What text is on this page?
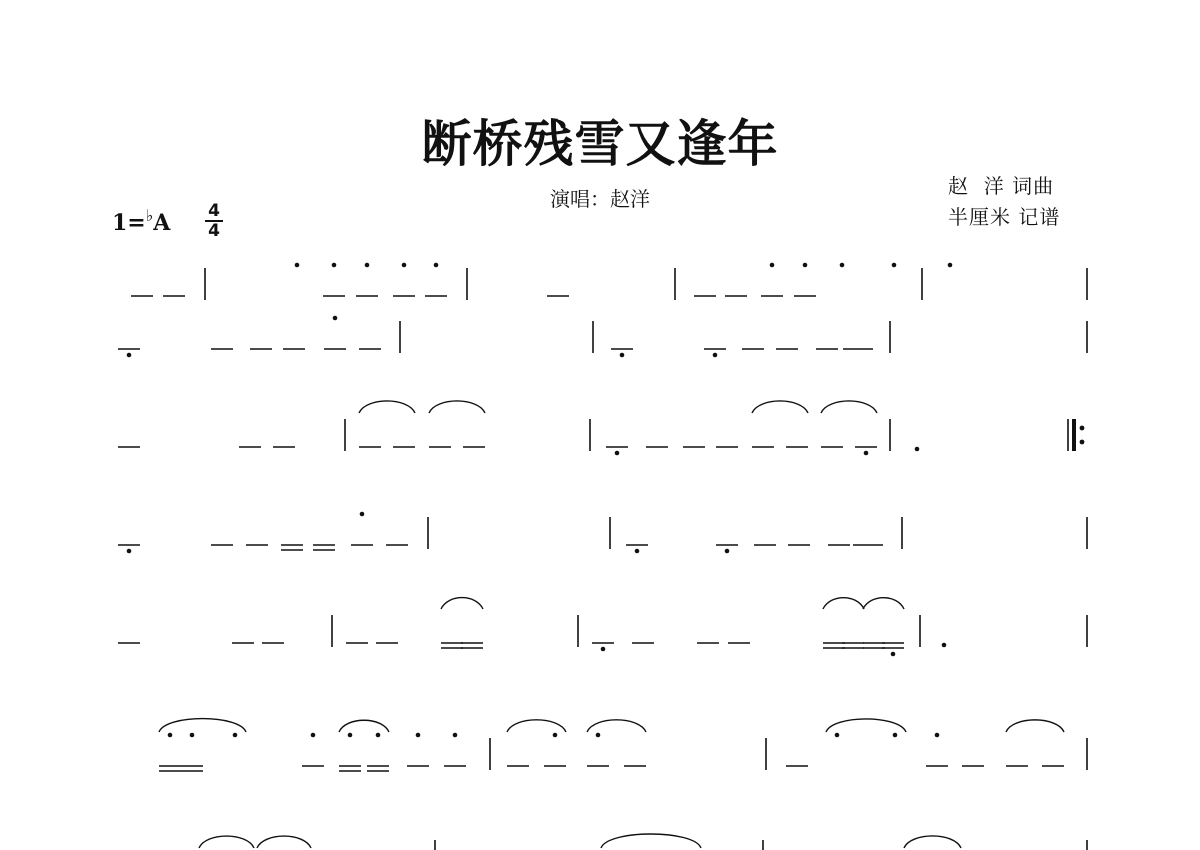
断桥残雪又逢年
演唱：赵洋
赵  洋 词曲
半厘米 记谱
1=♭A 4
4
